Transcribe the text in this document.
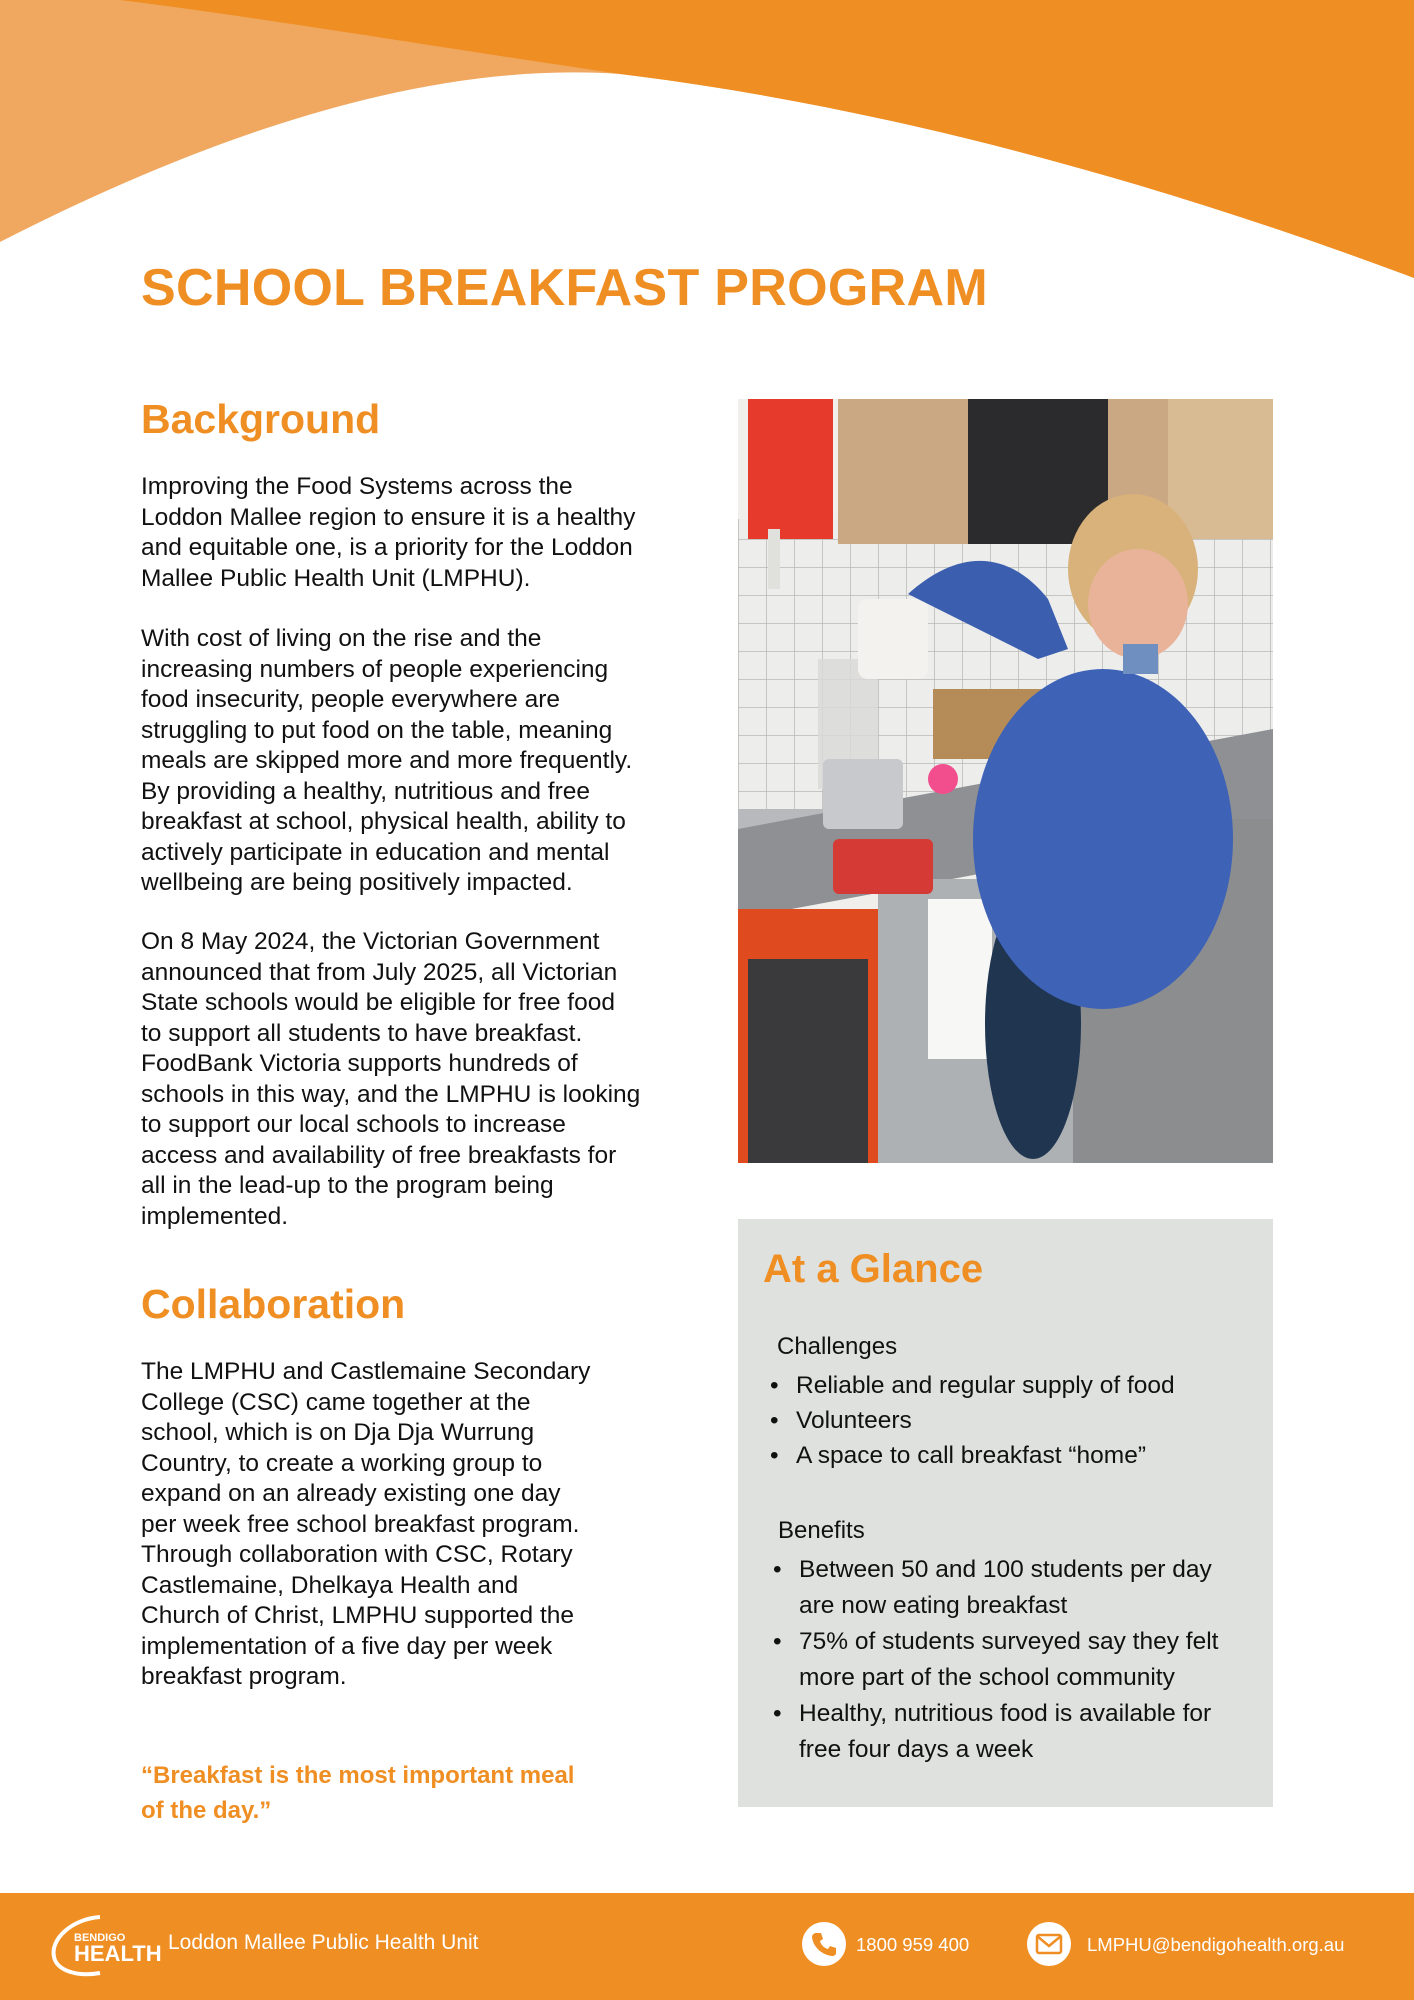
SCHOOL BREAKFAST PROGRAM
Background

Improving the Food Systems across the
Loddon Mallee region to ensure it is a healthy
and equitable one, is a priority for the Loddon
Mallee Public Health Unit (LMPHU).

With cost of living on the rise and the
increasing numbers of people experiencing
food insecurity, people everywhere are
struggling to put food on the table, meaning
meals are skipped more and more frequently.
By providing a healthy, nutritious and free
breakfast at school, physical health, ability to
actively participate in education and mental
wellbeing are being positively impacted.

On 8 May 2024, the Victorian Government
announced that from July 2025, all Victorian
State schools would be eligible for free food
to support all students to have breakfast.
FoodBank Victoria supports hundreds of
schools in this way, and the LMPHU is looking
to support our local schools to increase
access and availability of free breakfasts for
all in the lead-up to the program being
implemented.

Collaboration

The LMPHU and Castlemaine Secondary
College (CSC) came together at the
school, which is on Dja Dja Wurrung
Country, to create a working group to
expand on an already existing one day
per week free school breakfast program.
Through collaboration with CSC, Rotary
Castlemaine, Dhelkaya Health and
Church of Christ, LMPHU supported the
implementation of a five day per week
breakfast program.

“Breakfast is the most important meal
of the day.”

At a Glance

Challenges

• Reliable and regular supply of food
• Volunteers
• A space to call breakfast “home”

Benefits

• Between 50 and 100 students per day
are now eating breakfast
• 75% of students surveyed say they felt
more part of the school community
• Healthy, nutritious food is available for
free four days a week
BENDIGO
HEALTH Loddon Mallee Public Health Unit	1800 959 400	LMPHU@bendigohealth.org.au
